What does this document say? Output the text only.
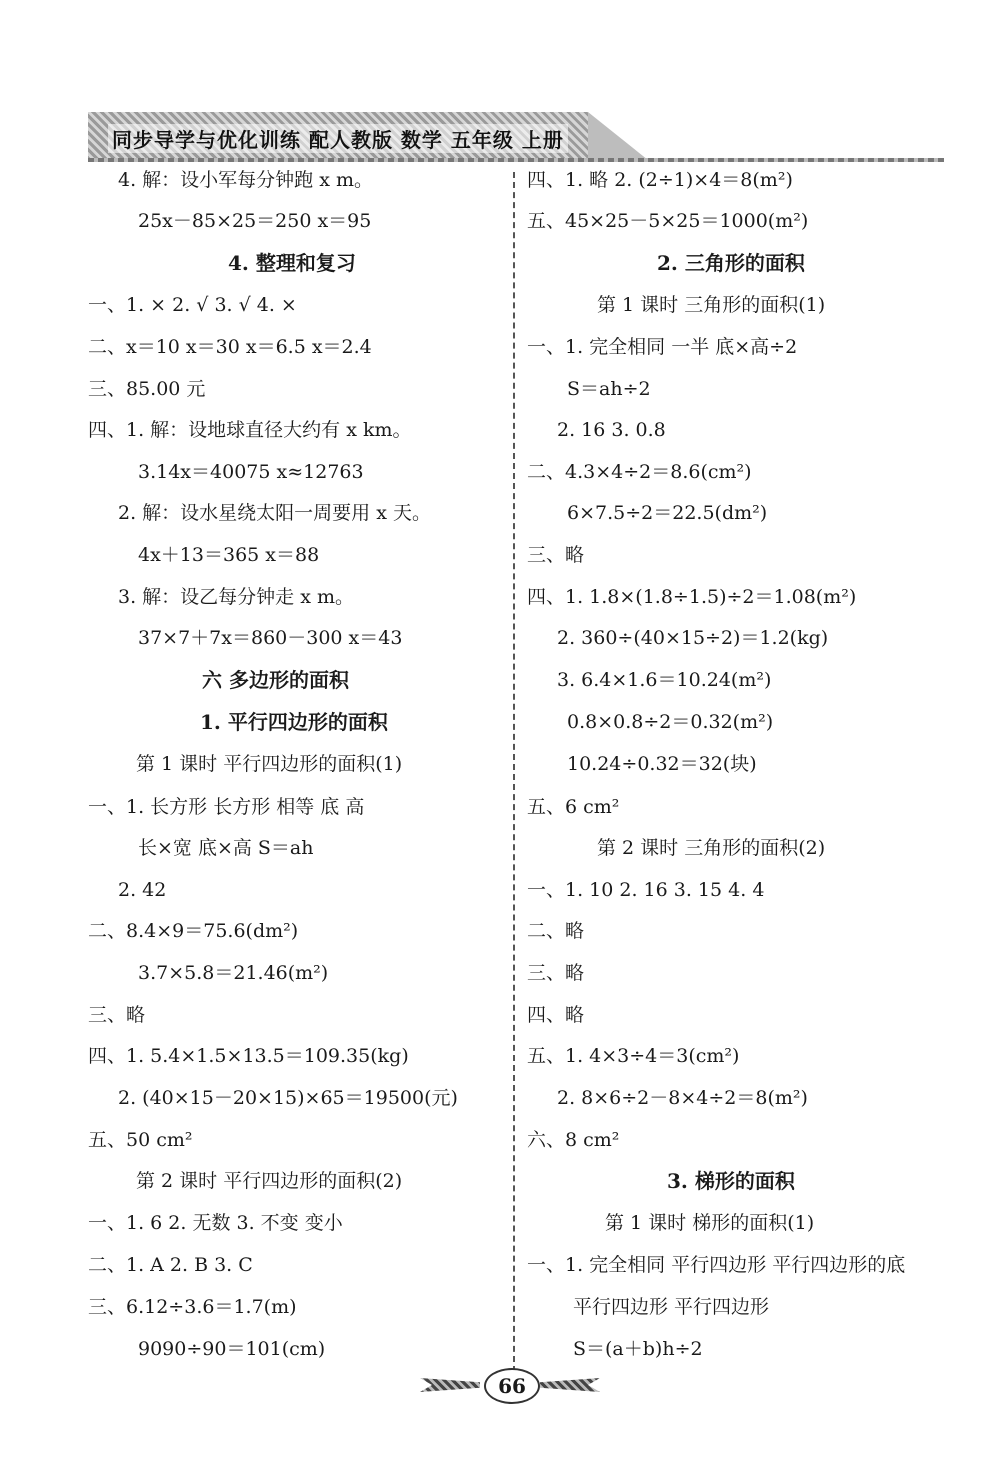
同步导学与优化训练 配人教版 数学 五年级 上册
4. 解：设小军每分钟跑 x m。
25x－85×25＝250 x＝95
4. 整理和复习
一、1. × 2. √ 3. √ 4. ×
二、x＝10 x＝30 x＝6.5 x＝2.4
三、85.00 元
四、1. 解：设地球直径大约有 x km。
3.14x＝40075 x≈12763
2. 解：设水星绕太阳一周要用 x 天。
4x＋13＝365 x＝88
3. 解：设乙每分钟走 x m。
37×7＋7x＝860－300 x＝43
六 多边形的面积
1. 平行四边形的面积
第 1 课时 平行四边形的面积(1)
一、1. 长方形 长方形 相等 底 高
长×宽 底×高 S＝ah
2. 42
二、8.4×9＝75.6(dm²)
3.7×5.8＝21.46(m²)
三、略
四、1. 5.4×1.5×13.5＝109.35(kg)
2. (40×15－20×15)×65＝19500(元)
五、50 cm²
第 2 课时 平行四边形的面积(2)
一、1. 6 2. 无数 3. 不变 变小
二、1. A 2. B 3. C
三、6.12÷3.6＝1.7(m)
9090÷90＝101(cm)
四、1. 略 2. (2÷1)×4＝8(m²)
五、45×25－5×25＝1000(m²)
2. 三角形的面积
第 1 课时 三角形的面积(1)
一、1. 完全相同 一半 底×高÷2
S＝ah÷2
2. 16 3. 0.8
二、4.3×4÷2＝8.6(cm²)
6×7.5÷2＝22.5(dm²)
三、略
四、1. 1.8×(1.8÷1.5)÷2＝1.08(m²)
2. 360÷(40×15÷2)＝1.2(kg)
3. 6.4×1.6＝10.24(m²)
0.8×0.8÷2＝0.32(m²)
10.24÷0.32＝32(块)
五、6 cm²
第 2 课时 三角形的面积(2)
一、1. 10 2. 16 3. 15 4. 4
二、略
三、略
四、略
五、1. 4×3÷4＝3(cm²)
2. 8×6÷2－8×4÷2＝8(m²)
六、8 cm²
3. 梯形的面积
第 1 课时 梯形的面积(1)
一、1. 完全相同 平行四边形 平行四边形的底
平行四边形 平行四边形
S＝(a＋b)h÷2
66
